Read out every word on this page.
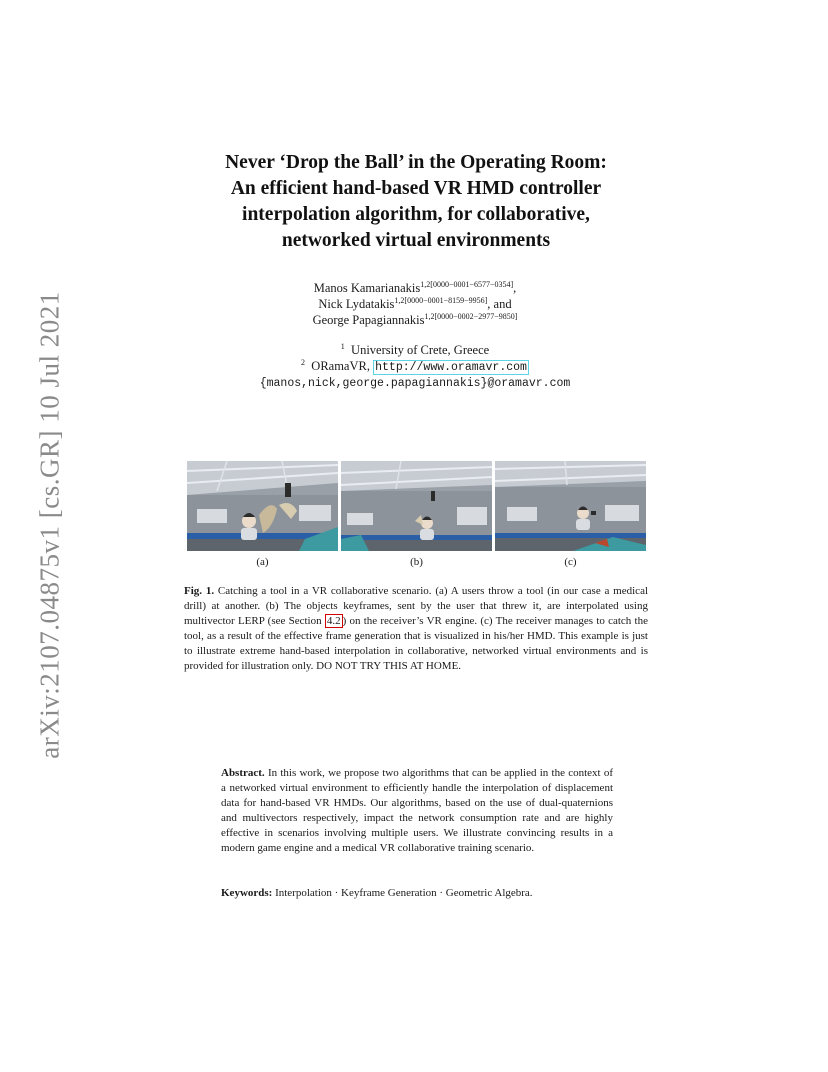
arXiv:2107.04875v1 [cs.GR] 10 Jul 2021
Never ‘Drop the Ball’ in the Operating Room:
An efficient hand-based VR HMD controller
interpolation algorithm, for collaborative,
networked virtual environments
Manos Kamarianakis$^{1,2[0000-0001-6577-0354]}$,
Nick Lydatakis$^{1,2[0000-0001-8159-9956]}$, and
George Papagiannakis$^{1,2[0000-0002-2977-9850]}$
$^1$ University of Crete, Greece
$^2$ ORamaVR, http://www.oramavr.com
{manos,nick,george.papagiannakis}@oramavr.com
(a)	(b)	(c)
Fig. 1. Catching a tool in a VR collaborative scenario. (a) A users throw a tool (in our case a medical drill) at another. (b) The objects keyframes, sent by the user that threw it, are interpolated using multivector LERP (see Section 4.2 ) on the receiver’s VR engine. (c) The receiver manages to catch the tool, as a result of the effective frame generation that is visualized in his/her HMD. This example is just to illustrate extreme hand-based interpolation in collaborative, networked virtual environments and is provided for illustration only. DO NOT TRY THIS AT HOME.
Abstract. In this work, we propose two algorithms that can be applied in the context of a networked virtual environment to efficiently handle the interpolation of displacement data for hand-based VR HMDs. Our algorithms, based on the use of dual-quaternions and multivectors respectively, impact the network consumption rate and are highly effective in scenarios involving multiple users. We illustrate convincing results in a modern game engine and a medical VR collaborative training scenario.
Keywords: Interpolation · Keyframe Generation · Geometric Algebra.
